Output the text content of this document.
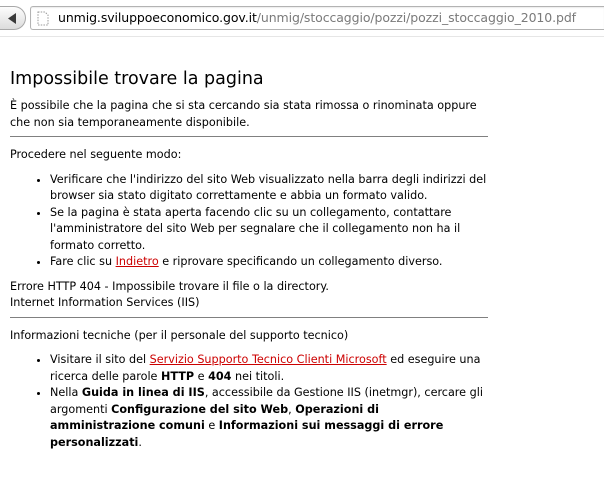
unmig.sviluppoeconomico.gov.it/unmig/stoccaggio/pozzi/pozzi_stoccaggio_2010.pdf
Impossibile trovare la pagina

È possibile che la pagina che si sta cercando sia stata rimossa o rinominata oppure che non sia temporaneamente disponibile.

Procedere nel seguente modo:

• Verificare che l'indirizzo del sito Web visualizzato nella barra degli indirizzi del browser sia stato digitato correttamente e abbia un formato valido.
• Se la pagina è stata aperta facendo clic su un collegamento, contattare l'amministratore del sito Web per segnalare che il collegamento non ha il formato corretto.
• Fare clic su Indietro e riprovare specificando un collegamento diverso.

Errore HTTP 404 - Impossibile trovare il file o la directory.

Internet Information Services (IIS)

Informazioni tecniche (per il personale del supporto tecnico)

• Visitare il sito del Servizio Supporto Tecnico Clienti Microsoft ed eseguire una ricerca delle parole HTTP e 404 nei titoli.
• Nella Guida in linea di IIS, accessibile da Gestione IIS (inetmgr), cercare gli argomenti Configurazione del sito Web, Operazioni di amministrazione comuni e Informazioni sui messaggi di errore personalizzati.
